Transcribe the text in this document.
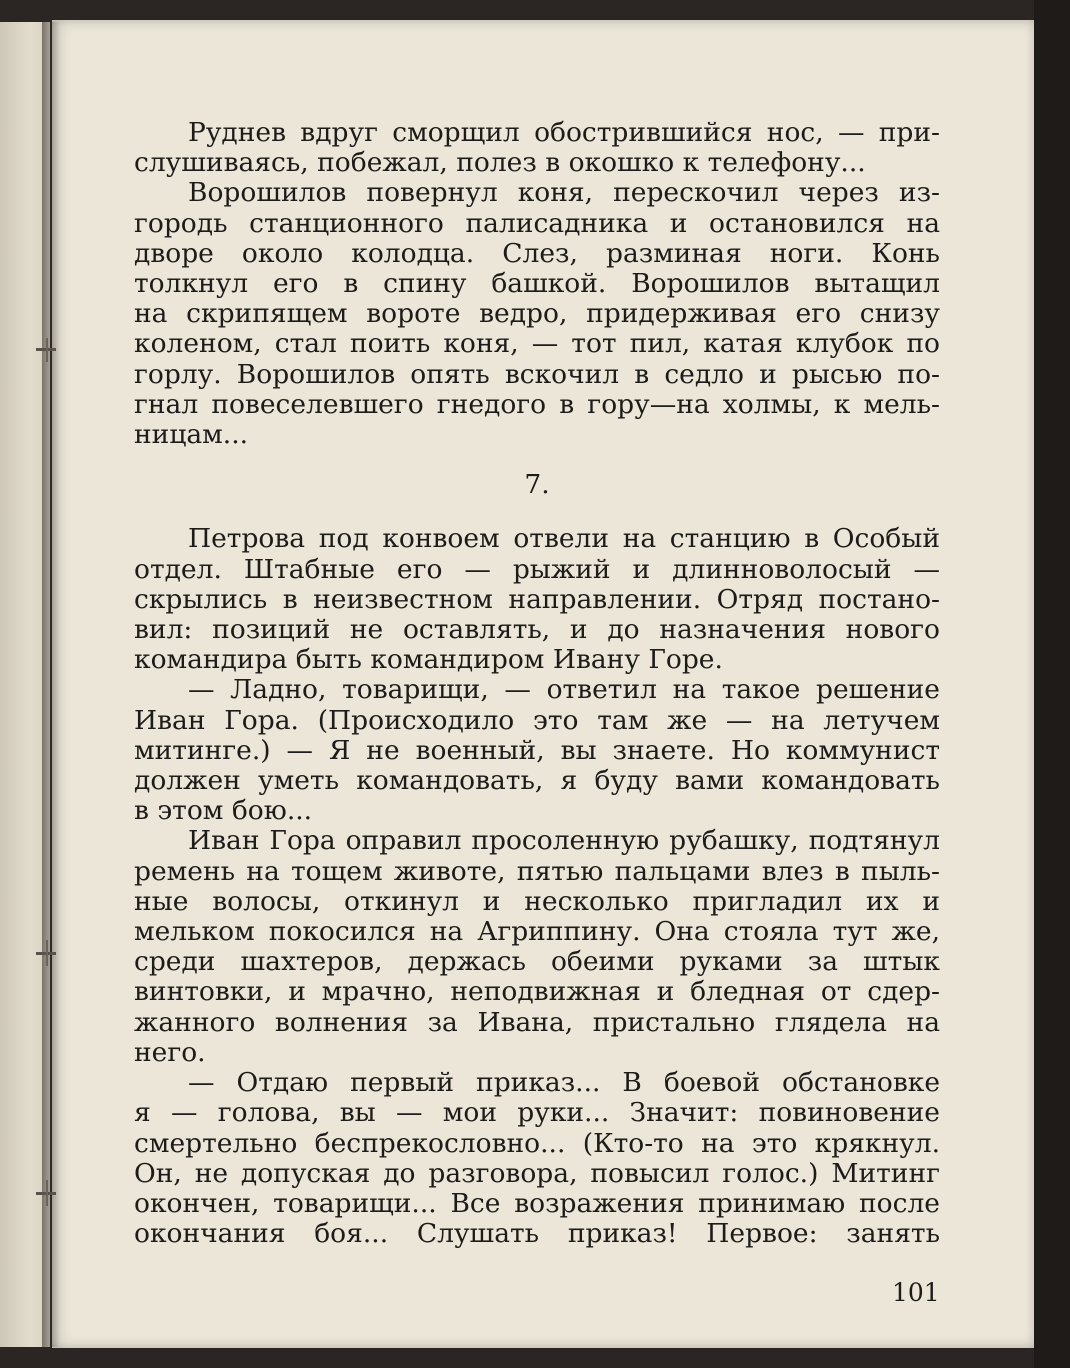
Руднев вдруг сморщил обострившийся нос, — при-
слушиваясь, побежал, полез в окошко к телефону...
Ворошилов повернул коня, перескочил через из-
городь станционного палисадника и остановился на
дворе около колодца. Слез, разминая ноги. Конь
толкнул его в спину башкой. Ворошилов вытащил
на скрипящем вороте ведро, придерживая его снизу
коленом, стал поить коня, — тот пил, катая клубок по
горлу. Ворошилов опять вскочил в седло и рысью по-
гнал повеселевшего гнедого в гору—на холмы, к мель-
ницам...
7.
Петрова под конвоем отвели на станцию в Особый
отдел. Штабные его — рыжий и длинноволосый —
скрылись в неизвестном направлении. Отряд постано-
вил: позиций не оставлять, и до назначения нового
командира быть командиром Ивану Горе.
— Ладно, товарищи, — ответил на такое решение
Иван Гора. (Происходило это там же — на летучем
митинге.) — Я не военный, вы знаете. Но коммунист
должен уметь командовать, я буду вами командовать
в этом бою...
Иван Гора оправил просоленную рубашку, подтянул
ремень на тощем животе, пятью пальцами влез в пыль-
ные волосы, откинул и несколько пригладил их и
мельком покосился на Агриппину. Она стояла тут же,
среди шахтеров, держась обеими руками за штык
винтовки, и мрачно, неподвижная и бледная от сдер-
жанного волнения за Ивана, пристально глядела на
него.
— Отдаю первый приказ... В боевой обстановке
я — голова, вы — мои руки... Значит: повиновение
смертельно беспрекословно... (Кто-то на это крякнул.
Он, не допуская до разговора, повысил голос.) Митинг
окончен, товарищи... Все возражения принимаю после
окончания боя... Слушать приказ! Первое: занять
101
